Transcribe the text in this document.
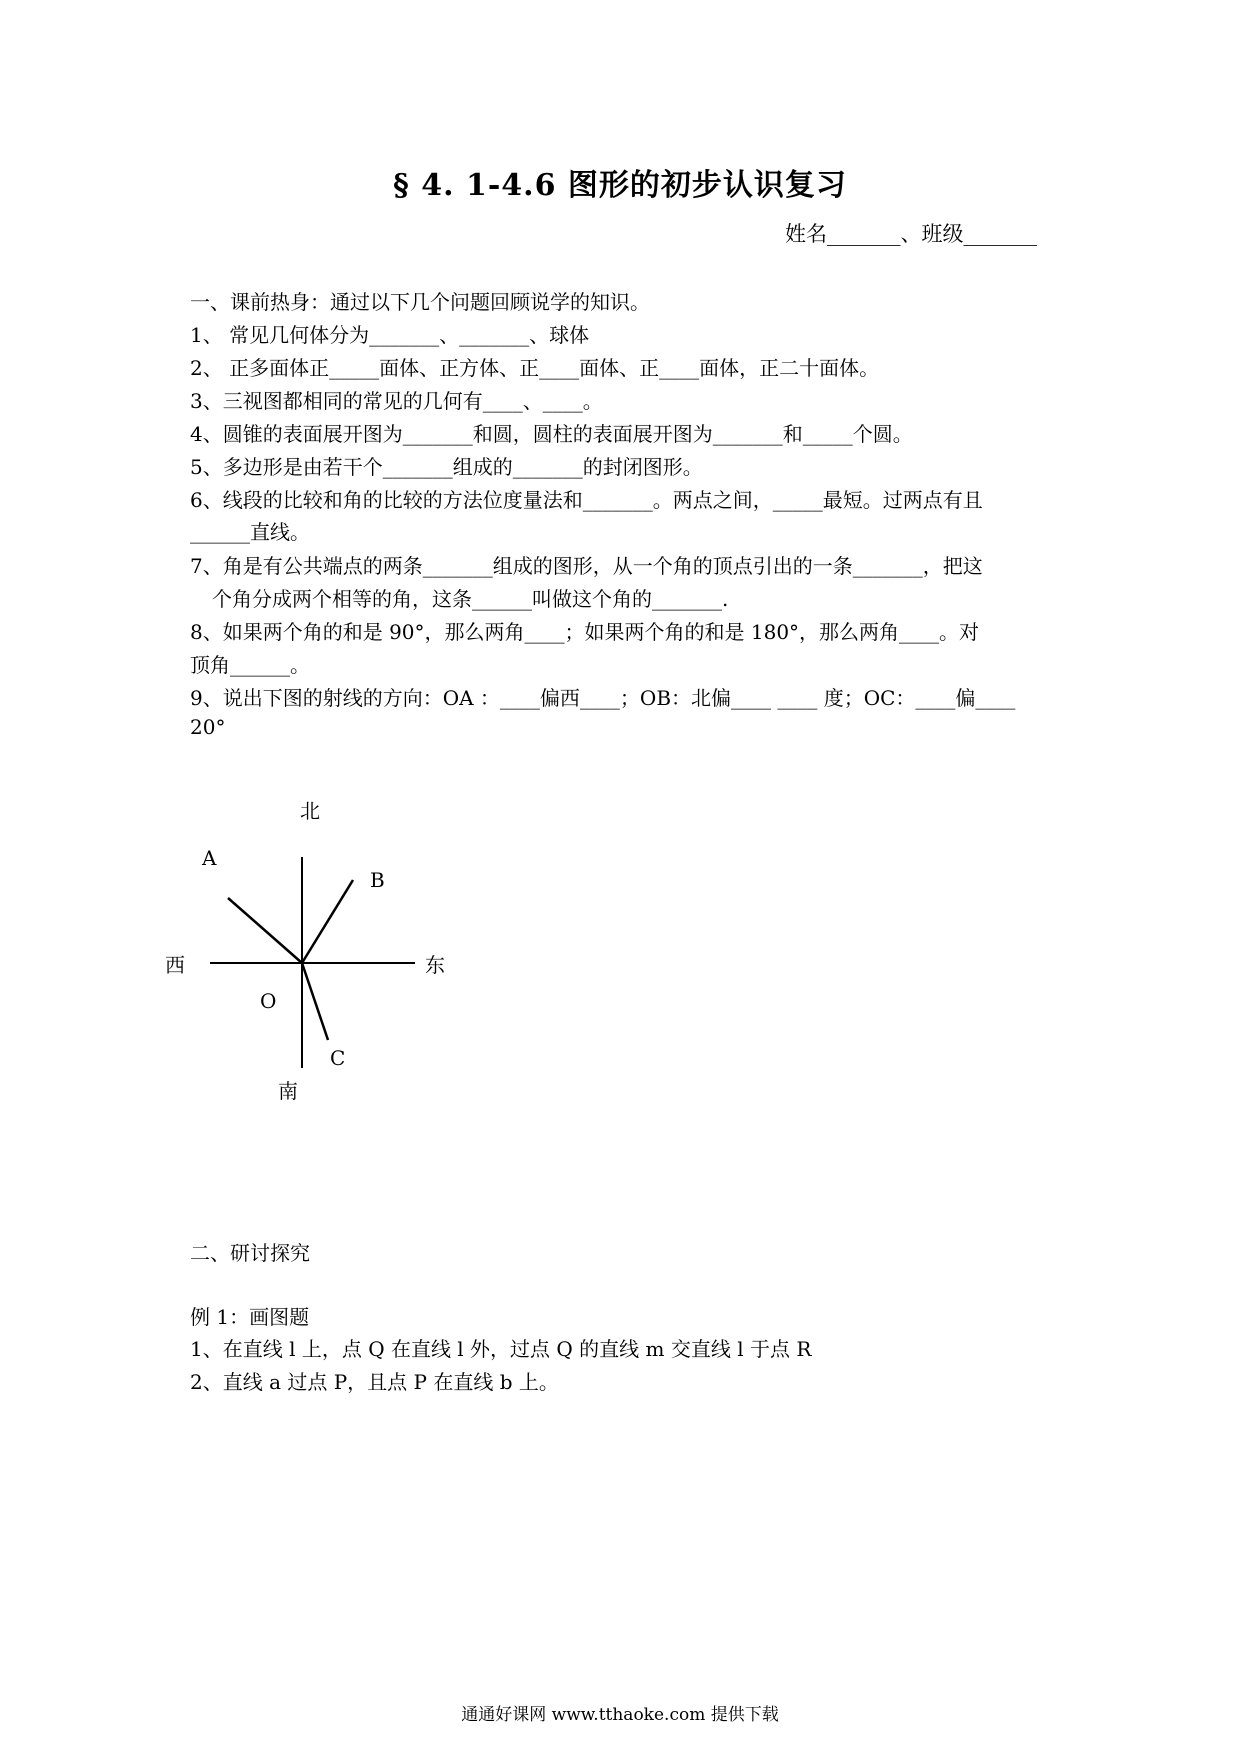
§ 4. 1-4.6 图形的初步认识复习
姓名_______、班级_______
一、课前热身：通过以下几个问题回顾说学的知识。
1、 常见几何体分为_______、_______、球体
2、 正多面体正_____面体、正方体、正____面体、正____面体，正二十面体。
3、三视图都相同的常见的几何有____、____。
4、圆锥的表面展开图为_______和圆，圆柱的表面展开图为_______和_____个圆。
5、多边形是由若干个_______组成的_______的封闭图形。
6、线段的比较和角的比较的方法位度量法和_______。两点之间，_____最短。过两点有且
______直线。
7、角是有公共端点的两条_______组成的图形，从一个角的顶点引出的一条_______，把这
个角分成两个相等的角，这条______叫做这个角的_______.
8、如果两个角的和是 90°，那么两角____；如果两个角的和是 180°，那么两角____。对
顶角______。
9、说出下图的射线的方向：OA ：____偏西____；OB：北偏____ ____ 度；OC：____偏____
20°
北
南
东
西
O
A
B
C
二、研讨探究
例 1：画图题
1、在直线 l 上，点 Q 在直线 l 外，过点 Q 的直线 m 交直线 l 于点 R
2、直线 a 过点 P，且点 P 在直线 b 上。
通通好课网 www.tthaoke.com 提供下载
